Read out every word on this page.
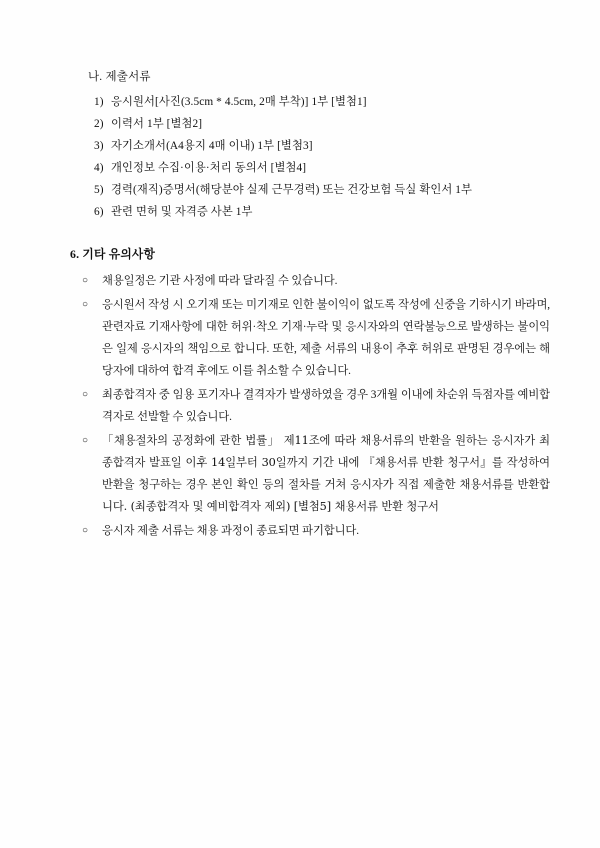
나. 제출서류
1) 응시원서[사진(3.5cm * 4.5cm, 2매 부착)] 1부 [별첨1]
2) 이력서 1부 [별첨2]
3) 자기소개서(A4용지 4매 이내) 1부 [별첨3]
4) 개인정보 수집·이용·처리 동의서 [별첨4]
5) 경력(재직)증명서(해당분야 실제 근무경력) 또는 건강보험 득실 확인서 1부
6) 관련 면허 및 자격증 사본 1부
6. 기타 유의사항
○ 채용일정은 기관 사정에 따라 달라질 수 있습니다.
○ 응시원서 작성 시 오기재 또는 미기재로 인한 불이익이 없도록 작성에 신중을 기하시기 바라며, 관련자료 기재사항에 대한 허위·착오 기재·누락 및 응시자와의 연락불능으로 발생하는 불이익은 일제 응시자의 책임으로 합니다. 또한, 제출 서류의 내용이 추후 허위로 판명된 경우에는 해당자에 대하여 합격 후에도 이를 취소할 수 있습니다.
○ 최종합격자 중 임용 포기자나 결격자가 발생하였을 경우 3개월 이내에 차순위 득점자를 예비합격자로 선발할 수 있습니다.
○ 「채용절차의 공정화에 관한 법률」 제11조에 따라 채용서류의 반환을 원하는 응시자가 최종합격자 발표일 이후 14일부터 30일까지 기간 내에 『채용서류 반환 청구서』를 작성하여 반환을 청구하는 경우 본인 확인 등의 절차를 거쳐 응시자가 직접 제출한 채용서류를 반환합니다. (최종합격자 및 예비합격자 제외) [별첨5] 채용서류 반환 청구서
○ 응시자 제출 서류는 채용 과정이 종료되면 파기합니다.
